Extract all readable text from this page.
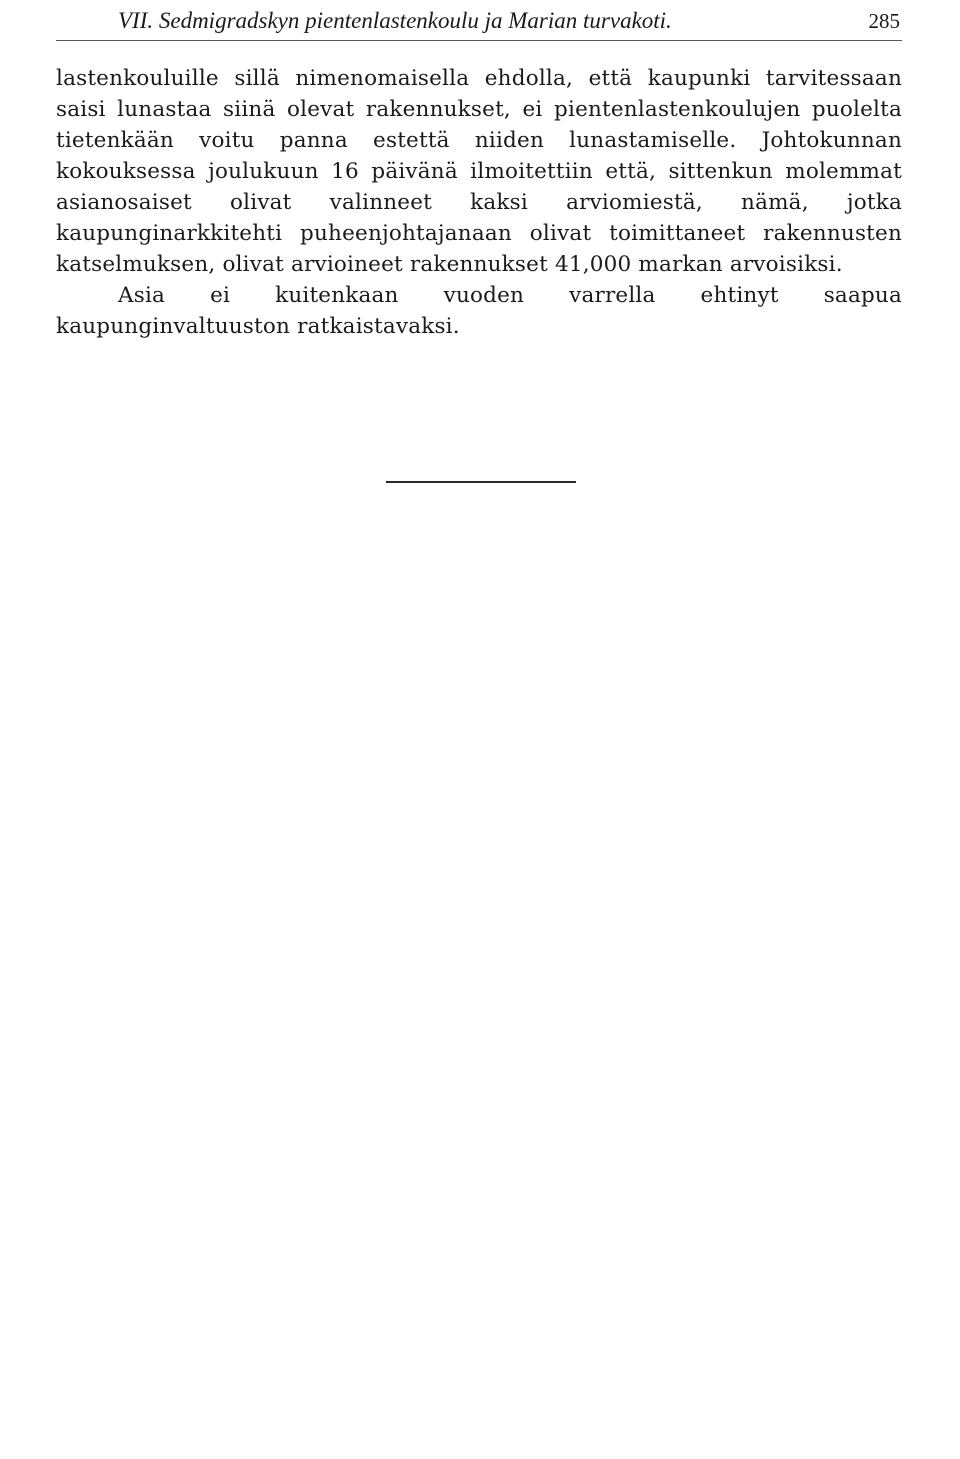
VII. Sedmigradskyn pientenlastenkoulu ja Marian turvakoti.	285

lastenkouluille sillä nimenomaisella ehdolla, että kaupunki tarvitessaan saisi lunastaa siinä olevat rakennukset, ei pientenlastenkoulujen puolelta tietenkään voitu panna estettä niiden lunastamiselle. Johtokunnan kokouksessa joulukuun 16 päivänä ilmoitettiin että, sittenkun molemmat asianosaiset olivat valinneet kaksi arviomiestä, nämä, jotka kaupunginarkkitehti puheenjohtajanaan olivat toimittaneet rakennusten katselmuksen, olivat arvioineet rakennukset 41,000 markan arvoisiksi.

Asia ei kuitenkaan vuoden varrella ehtinyt saapua kaupunginvaltuuston ratkaistavaksi.
